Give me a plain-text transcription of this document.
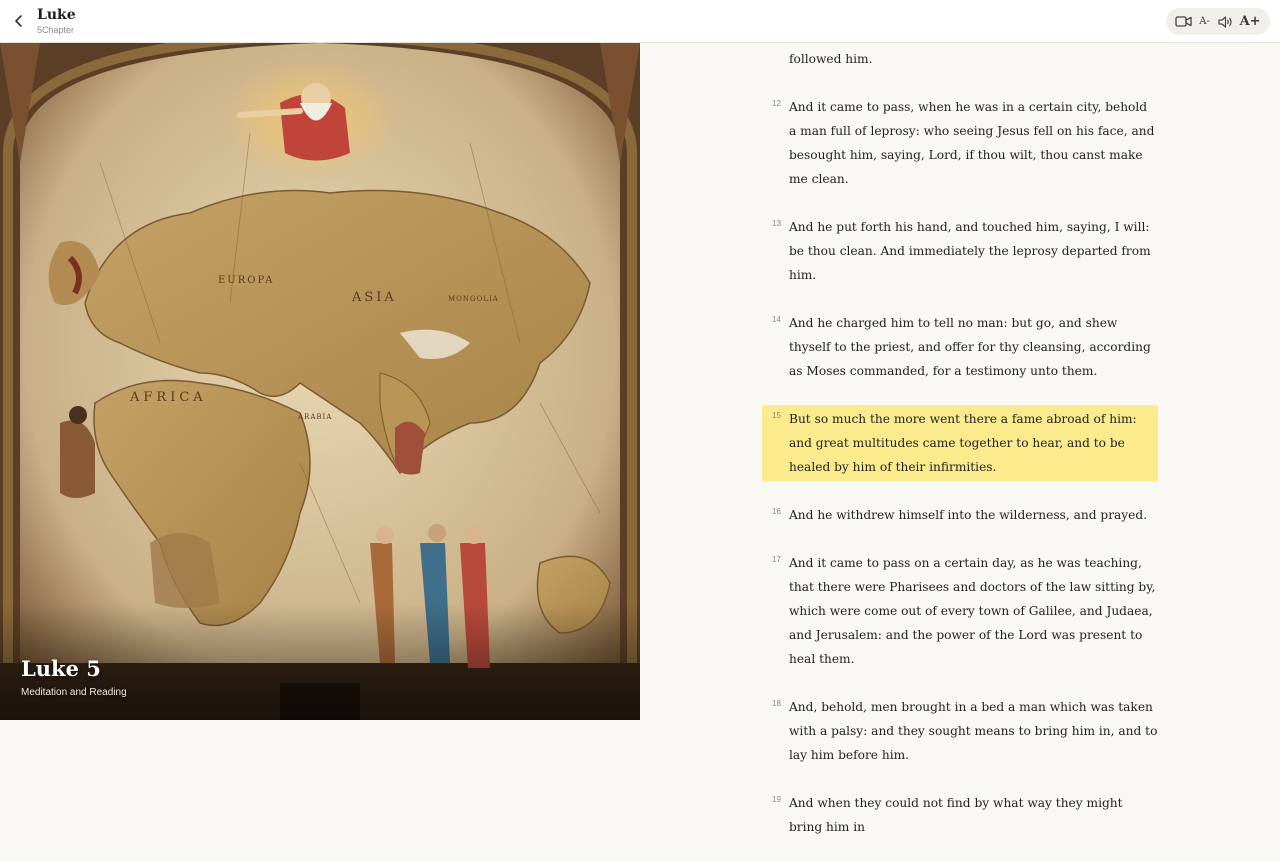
Luke
5Chapter
A- A+
EUROPA
ASIA
AFRICA
MONGOLIA
ARABIA
Luke 5
Meditation and Reading
followed him.
12 And it came to pass, when he was in a certain city, behold a man full of leprosy: who seeing Jesus fell on his face, and besought him, saying, Lord, if thou wilt, thou canst make me clean.
13 And he put forth his hand, and touched him, saying, I will: be thou clean. And immediately the leprosy departed from him.
14 And he charged him to tell no man: but go, and shew thyself to the priest, and offer for thy cleansing, according as Moses commanded, for a testimony unto them.
15 But so much the more went there a fame abroad of him: and great multitudes came together to hear, and to be healed by him of their infirmities.
16 And he withdrew himself into the wilderness, and prayed.
17 And it came to pass on a certain day, as he was teaching, that there were Pharisees and doctors of the law sitting by, which were come out of every town of Galilee, and Judaea, and Jerusalem: and the power of the Lord was present to heal them.
18 And, behold, men brought in a bed a man which was taken with a palsy: and they sought means to bring him in, and to lay him before him.
19 And when they could not find by what way they might bring him in
